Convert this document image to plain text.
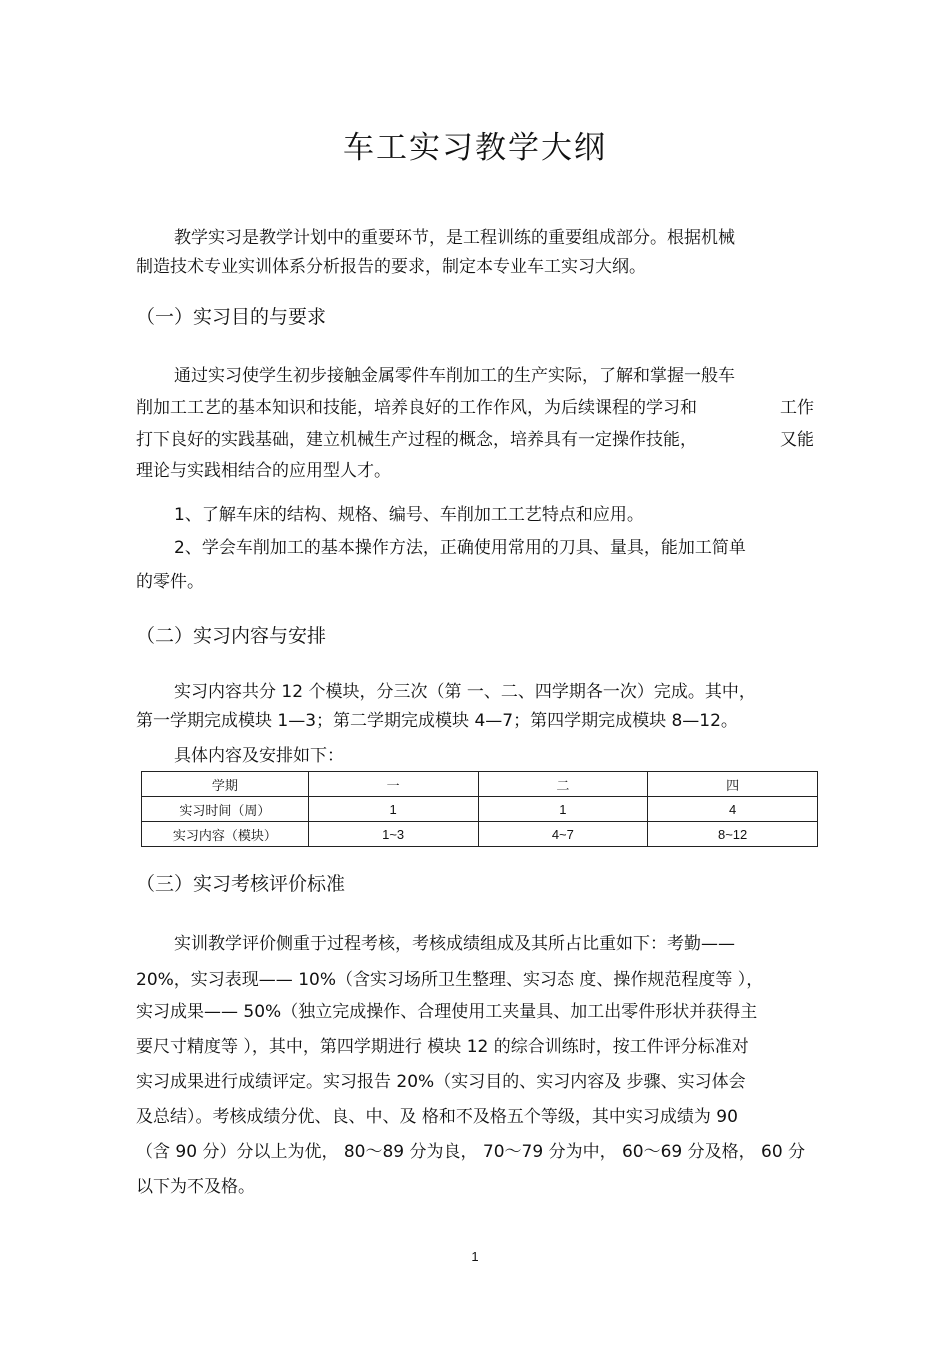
车工实习教学大纲
教学实习是教学计划中的重要环节，是工程训练的重要组成部分。根据机械
制造技术专业实训体系分析报告的要求，制定本专业车工实习大纲。
（一）实习目的与要求
通过实习使学生初步接触金属零件车削加工的生产实际，了解和掌握一般车
削加工工艺的基本知识和技能，培养良好的工作作风，为后续课程的学习和	工作
打下良好的实践基础，建立机械生产过程的概念，培养具有一定操作技能，	又能
理论与实践相结合的应用型人才。
1、了解车床的结构、规格、编号、车削加工工艺特点和应用。
2、学会车削加工的基本操作方法，正确使用常用的刀具、量具，能加工简单
的零件。
（二）实习内容与安排
实习内容共分 12 个模块，分三次（第 一、二、四学期各一次）完成。其中，
第一学期完成模块 1—3；第二学期完成模块 4—7；第四学期完成模块 8—12。
具体内容及安排如下：
学期	一	二	四
实习时间（周）	1	1	4
实习内容（模块）	1~3	4~7	8~12
（三）实习考核评价标准
实训教学评价侧重于过程考核，考核成绩组成及其所占比重如下：考勤——
20%，实习表现—— 10%（含实习场所卫生整理、实习态 度、操作规范程度等 ），
实习成果—— 50%（独立完成操作、合理使用工夹量具、加工出零件形状并获得主
要尺寸精度等 ），其中，第四学期进行 模块 12 的综合训练时，按工件评分标准对
实习成果进行成绩评定。实习报告 20%（实习目的、实习内容及 步骤、实习体会
及总结）。考核成绩分优、良、中、及 格和不及格五个等级，其中实习成绩为 90
（含 90 分）分以上为优， 80～89 分为良， 70～79 分为中， 60～69 分及格， 60 分
以下为不及格。
1
